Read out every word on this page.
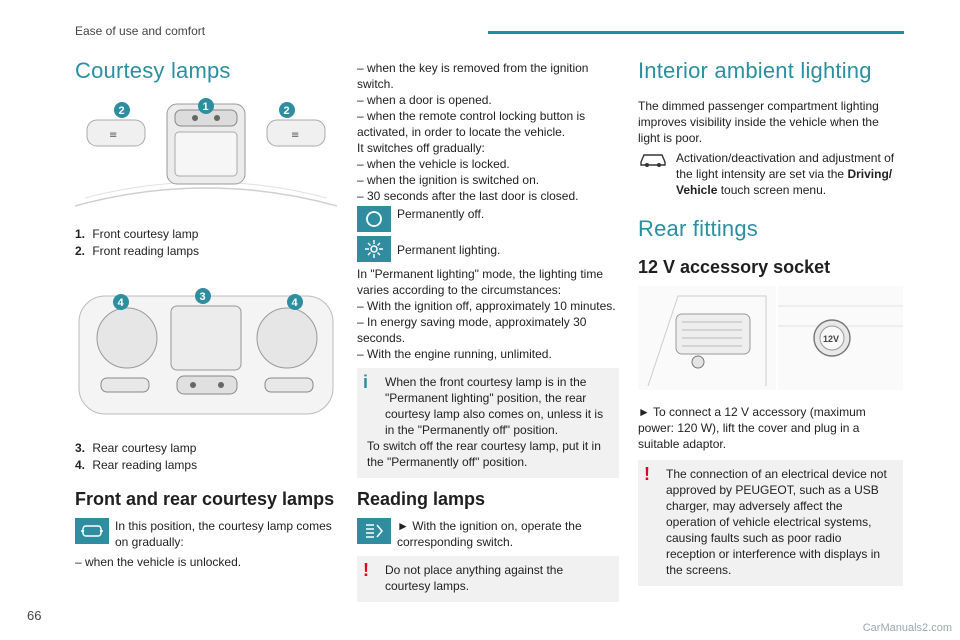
Ease of use and comfort
Courtesy lamps
≡	≡
2	1	2
1. Front courtesy lamp
2. Front reading lamps
4	3	4
3. Rear courtesy lamp
4. Rear reading lamps
Front and rear courtesy lamps
In this position, the courtesy lamp comes on gradually:
– when the vehicle is unlocked.
– when the key is removed from the ignition switch.
– when a door is opened.
– when the remote control locking button is activated, in order to locate the vehicle.
It switches off gradually:
– when the vehicle is locked.
– when the ignition is switched on.
– 30 seconds after the last door is closed.
Permanently off.
Permanent lighting.
In "Permanent lighting" mode, the lighting time varies according to the circumstances:
– With the ignition off, approximately 10 minutes.
– In energy saving mode, approximately 30 seconds.
– With the engine running, unlimited.
i	When the front courtesy lamp is in the "Permanent lighting" position, the rear courtesy lamp also comes on, unless it is in the "Permanently off" position.
To switch off the rear courtesy lamp, put it in the "Permanently off" position.
Reading lamps
► With the ignition on, operate the corresponding switch.
!	Do not place anything against the courtesy lamps.
Interior ambient lighting
The dimmed passenger compartment lighting improves visibility inside the vehicle when the light is poor.
Activation/deactivation and adjustment of the light intensity are set via the Driving/ Vehicle touch screen menu.
Rear fittings
12 V accessory socket
12V
► To connect a 12 V accessory (maximum power: 120 W), lift the cover and plug in a suitable adaptor.
!	The connection of an electrical device not approved by PEUGEOT, such as a USB charger, may adversely affect the operation of vehicle electrical systems, causing faults such as poor radio reception or interference with displays in the screens.
66
CarManuals2.com
